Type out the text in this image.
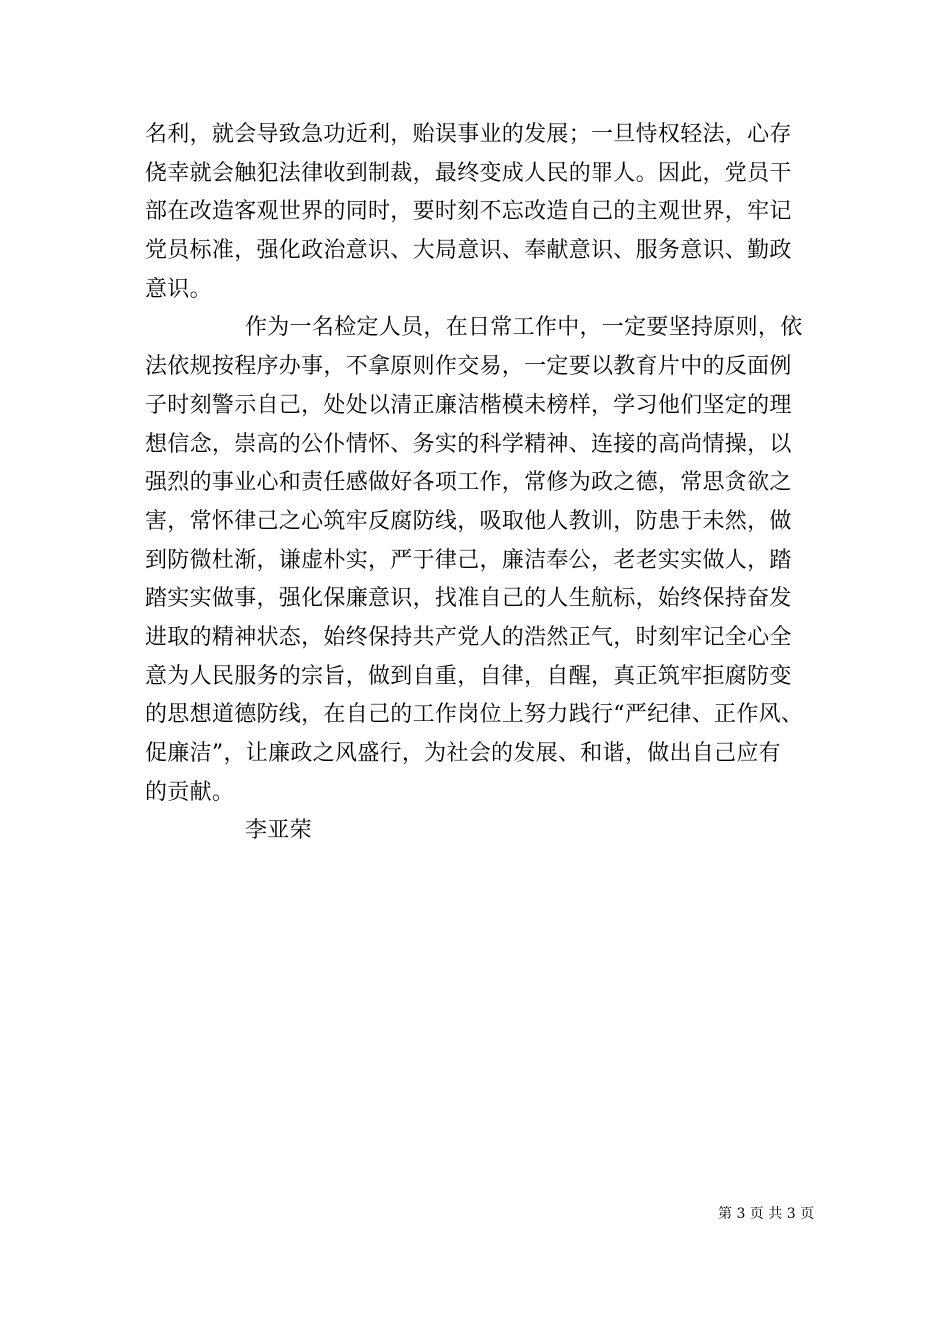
名利，就会导致急功近利，贻误事业的发展；一旦恃权轻法，心存
侥幸就会触犯法律收到制裁，最终变成人民的罪人。因此，党员干
部在改造客观世界的同时，要时刻不忘改造自己的主观世界，牢记
党员标准，强化政治意识、大局意识、奉献意识、服务意识、勤政
意识。
作为一名检定人员，在日常工作中，一定要坚持原则，依
法依规按程序办事，不拿原则作交易，一定要以教育片中的反面例
子时刻警示自己，处处以清正廉洁楷模未榜样，学习他们坚定的理
想信念，崇高的公仆情怀、务实的科学精神、连接的高尚情操，以
强烈的事业心和责任感做好各项工作，常修为政之德，常思贪欲之
害，常怀律己之心筑牢反腐防线，吸取他人教训，防患于未然，做
到防微杜渐，谦虚朴实，严于律己，廉洁奉公，老老实实做人，踏
踏实实做事，强化保廉意识，找准自己的人生航标，始终保持奋发
进取的精神状态，始终保持共产党人的浩然正气，时刻牢记全心全
意为人民服务的宗旨，做到自重，自律，自醒，真正筑牢拒腐防变
的思想道德防线，在自己的工作岗位上努力践行“严纪律、正作风、
促廉洁”，让廉政之风盛行，为社会的发展、和谐，做出自己应有
的贡献。
李亚荣
第 3 页 共 3 页
